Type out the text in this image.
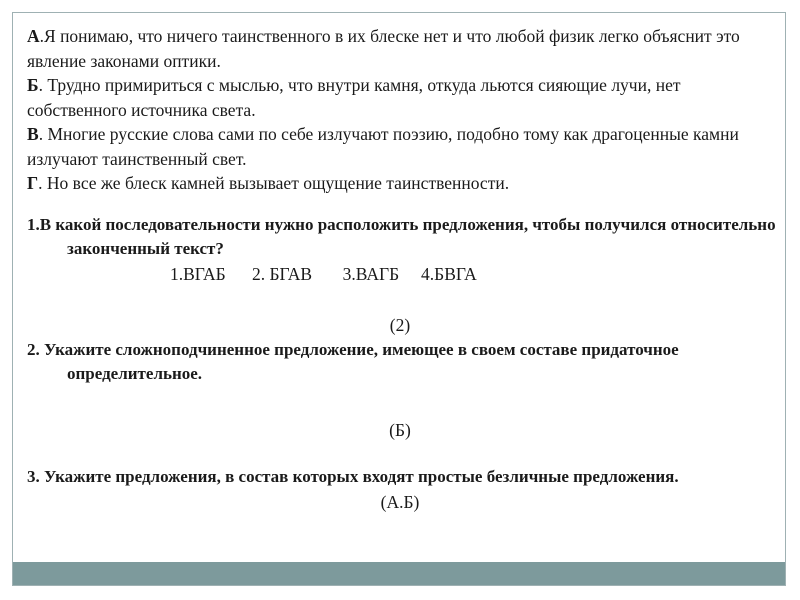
А.Я понимаю, что ничего таинственного в их блеске нет и что любой физик легко объяснит это явление законами оптики.

Б. Трудно примириться с мыслью, что внутри камня, откуда льются сияющие лучи, нет собственного источника света.

В. Многие русские слова сами по себе излучают поэзию, подобно тому как драгоценные камни излучают таинственный свет.

Г. Но все же блеск камней вызывает ощущение таинственности.

1.В какой последовательности нужно расположить предложения, чтобы получился относительно законченный текст?

1.ВГАБ 2. БГАВ 3.ВАГБ 4.БВГА

(2)

2. Укажите сложноподчиненное предложение, имеющее в своем составе придаточное определительное.

(Б)

3. Укажите предложения, в состав которых входят простые безличные предложения.

(А.Б)
